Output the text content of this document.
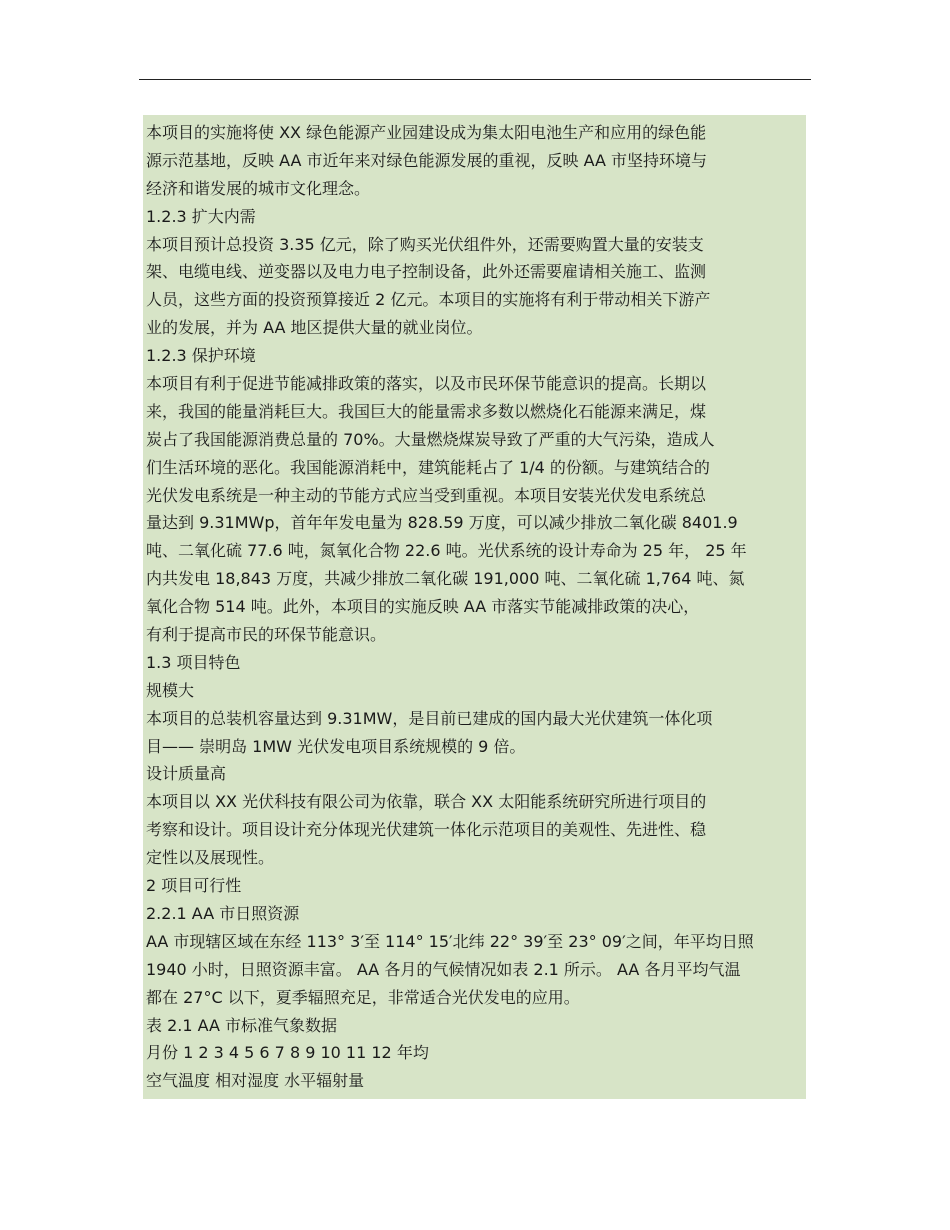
本项目的实施将使 XX 绿色能源产业园建设成为集太阳电池生产和应用的绿色能
源示范基地，反映 AA 市近年来对绿色能源发展的重视，反映 AA 市坚持环境与
经济和谐发展的城市文化理念。
1.2.3 扩大内需
本项目预计总投资 3.35 亿元，除了购买光伏组件外，还需要购置大量的安装支
架、电缆电线、逆变器以及电力电子控制设备，此外还需要雇请相关施工、监测
人员，这些方面的投资预算接近 2 亿元。本项目的实施将有利于带动相关下游产
业的发展，并为 AA 地区提供大量的就业岗位。
1.2.3 保护环境
本项目有利于促进节能减排政策的落实，以及市民环保节能意识的提高。长期以
来，我国的能量消耗巨大。我国巨大的能量需求多数以燃烧化石能源来满足，煤
炭占了我国能源消费总量的 70%。大量燃烧煤炭导致了严重的大气污染，造成人
们生活环境的恶化。我国能源消耗中，建筑能耗占了 1/4 的份额。与建筑结合的
光伏发电系统是一种主动的节能方式应当受到重视。本项目安装光伏发电系统总
量达到 9.31MWp，首年年发电量为 828.59 万度，可以减少排放二氧化碳 8401.9
吨、二氧化硫 77.6 吨，氮氧化合物 22.6 吨。光伏系统的设计寿命为 25 年， 25 年
内共发电 18,843 万度，共减少排放二氧化碳 191,000 吨、二氧化硫 1,764 吨、氮
氧化合物 514 吨。此外，本项目的实施反映 AA 市落实节能减排政策的决心，
有利于提高市民的环保节能意识。
1.3 项目特色
规模大
本项目的总装机容量达到 9.31MW，是目前已建成的国内最大光伏建筑一体化项
目—— 崇明岛 1MW 光伏发电项目系统规模的 9 倍。
设计质量高
本项目以 XX 光伏科技有限公司为依靠，联合 XX 太阳能系统研究所进行项目的
考察和设计。项目设计充分体现光伏建筑一体化示范项目的美观性、先进性、稳
定性以及展现性。
2 项目可行性
2.2.1 AA 市日照资源
AA 市现辖区域在东经 113° 3′至 114° 15′北纬 22° 39′至 23° 09′之间，年平均日照
1940 小时，日照资源丰富。 AA 各月的气候情况如表 2.1 所示。 AA 各月平均气温
都在 27°C 以下，夏季辐照充足，非常适合光伏发电的应用。
表 2.1 AA 市标准气象数据
月份 1 2 3 4 5 6 7 8 9 10 11 12 年均
空气温度 相对湿度 水平辐射量
